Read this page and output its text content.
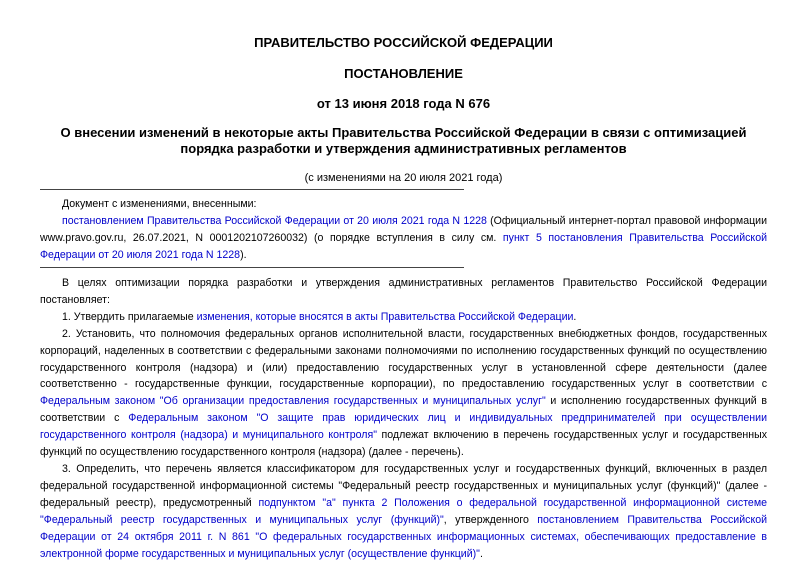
ПРАВИТЕЛЬСТВО РОССИЙСКОЙ ФЕДЕРАЦИИ
ПОСТАНОВЛЕНИЕ
от 13 июня 2018 года N 676
О внесении изменений в некоторые акты Правительства Российской Федерации в связи с оптимизацией
порядка разработки и утверждения административных регламентов
(с изменениями на 20 июля 2021 года)
Документ с изменениями, внесенными:
постановлением Правительства Российской Федерации от 20 июля 2021 года N 1228 (Официальный интернет-портал правовой информации www.pravo.gov.ru, 26.07.2021, N 0001202107260032) (о порядке вступления в силу см. пункт 5 постановления Правительства Российской Федерации от 20 июля 2021 года N 1228).
В целях оптимизации порядка разработки и утверждения административных регламентов Правительство Российской Федерации постановляет:
1. Утвердить прилагаемые изменения, которые вносятся в акты Правительства Российской Федерации.
2. Установить, что полномочия федеральных органов исполнительной власти, государственных внебюджетных фондов, государственных корпораций, наделенных в соответствии с федеральными законами полномочиями по исполнению государственных функций по осуществлению государственного контроля (надзора) и (или) предоставлению государственных услуг в установленной сфере деятельности (далее соответственно - государственные функции, государственные корпорации), по предоставлению государственных услуг в соответствии с Федеральным законом "Об организации предоставления государственных и муниципальных услуг" и исполнению государственных функций в соответствии с Федеральным законом "О защите прав юридических лиц и индивидуальных предпринимателей при осуществлении государственного контроля (надзора) и муниципального контроля" подлежат включению в перечень государственных услуг и государственных функций по осуществлению государственного контроля (надзора) (далее - перечень).
3. Определить, что перечень является классификатором для государственных услуг и государственных функций, включенных в раздел федеральной государственной информационной системы "Федеральный реестр государственных и муниципальных услуг (функций)" (далее - федеральный реестр), предусмотренный подпунктом "а" пункта 2 Положения о федеральной государственной информационной системе "Федеральный реестр государственных и муниципальных услуг (функций)", утвержденного постановлением Правительства Российской Федерации от 24 октября 2011 г. N 861 "О федеральных государственных информационных системах, обеспечивающих предоставление в электронной форме государственных и муниципальных услуг (осуществление функций)".
